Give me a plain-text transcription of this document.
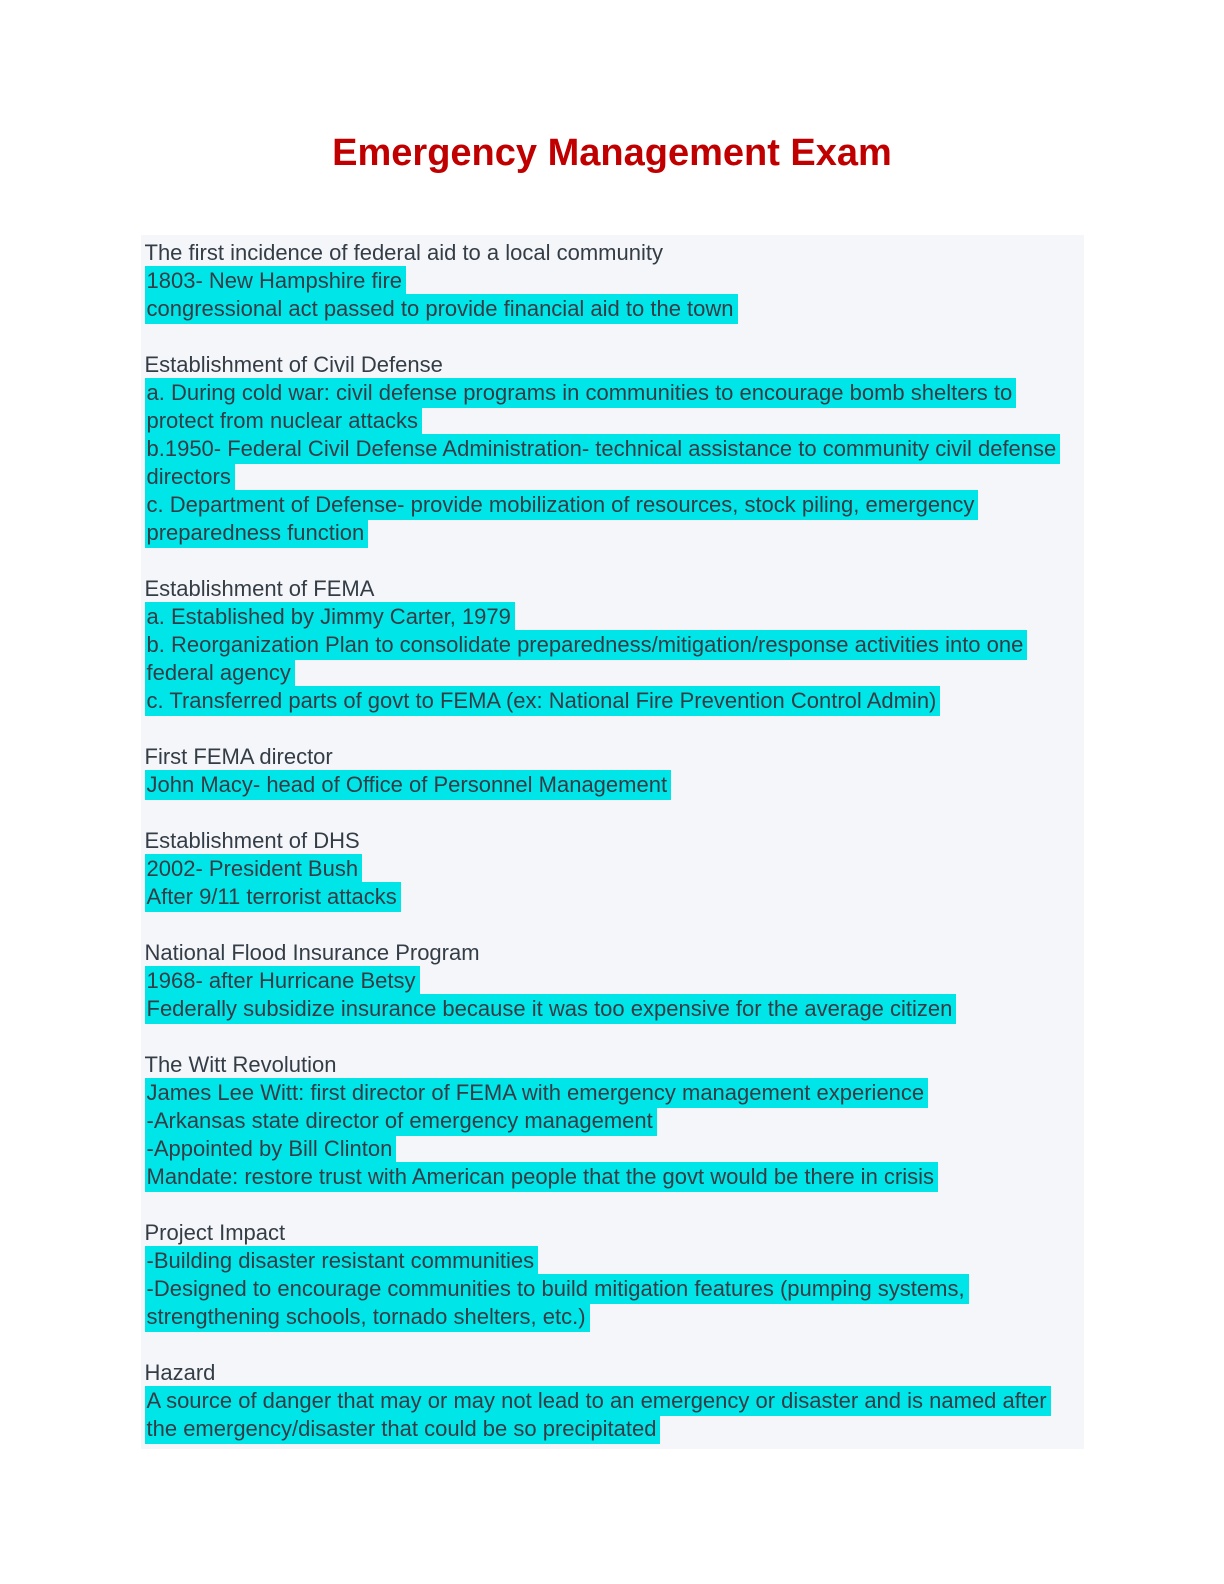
Emergency Management Exam
The first incidence of federal aid to a local community
1803- New Hampshire fire
congressional act passed to provide financial aid to the town
Establishment of Civil Defense
a. During cold war: civil defense programs in communities to encourage bomb shelters to protect from nuclear attacks
b.1950- Federal Civil Defense Administration- technical assistance to community civil defense directors
c. Department of Defense- provide mobilization of resources, stock piling, emergency preparedness function
Establishment of FEMA
a. Established by Jimmy Carter, 1979
b. Reorganization Plan to consolidate preparedness/mitigation/response activities into one federal agency
c. Transferred parts of govt to FEMA (ex: National Fire Prevention Control Admin)
First FEMA director
John Macy- head of Office of Personnel Management
Establishment of DHS
2002- President Bush
After 9/11 terrorist attacks
National Flood Insurance Program
1968- after Hurricane Betsy
Federally subsidize insurance because it was too expensive for the average citizen
The Witt Revolution
James Lee Witt: first director of FEMA with emergency management experience
-Arkansas state director of emergency management
-Appointed by Bill Clinton
Mandate: restore trust with American people that the govt would be there in crisis
Project Impact
-Building disaster resistant communities
-Designed to encourage communities to build mitigation features (pumping systems, strengthening schools, tornado shelters, etc.)
Hazard
A source of danger that may or may not lead to an emergency or disaster and is named after the emergency/disaster that could be so precipitated
